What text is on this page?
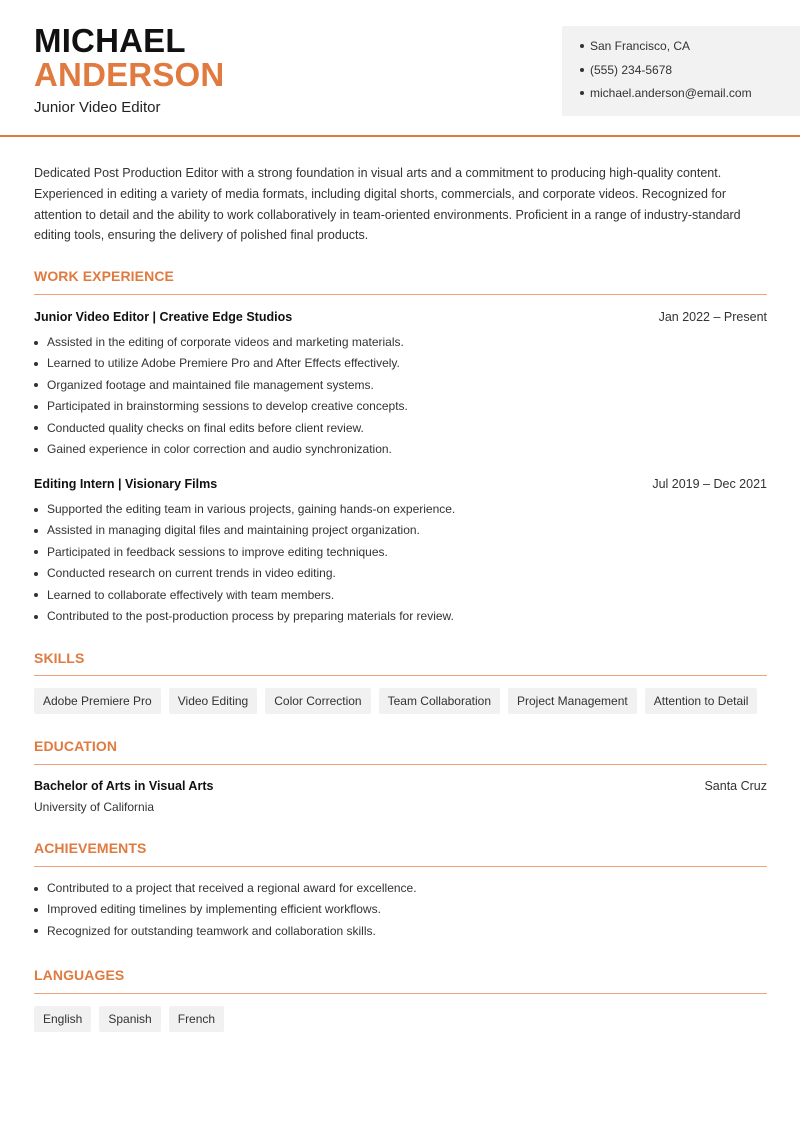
MICHAEL
ANDERSON
Junior Video Editor
San Francisco, CA
(555) 234-5678
michael.anderson@email.com

Dedicated Post Production Editor with a strong foundation in visual arts and a commitment to producing high-quality content. Experienced in editing a variety of media formats, including digital shorts, commercials, and corporate videos. Recognized for attention to detail and the ability to work collaboratively in team-oriented environments. Proficient in a range of industry-standard editing tools, ensuring the delivery of polished final products.

WORK EXPERIENCE
Junior Video Editor | Creative Edge Studios	Jan 2022 – Present
Assisted in the editing of corporate videos and marketing materials.
Learned to utilize Adobe Premiere Pro and After Effects effectively.
Organized footage and maintained file management systems.
Participated in brainstorming sessions to develop creative concepts.
Conducted quality checks on final edits before client review.
Gained experience in color correction and audio synchronization.
Editing Intern | Visionary Films	Jul 2019 – Dec 2021
Supported the editing team in various projects, gaining hands-on experience.
Assisted in managing digital files and maintaining project organization.
Participated in feedback sessions to improve editing techniques.
Conducted research on current trends in video editing.
Learned to collaborate effectively with team members.
Contributed to the post-production process by preparing materials for review.
SKILLS
Adobe Premiere Pro	Video Editing	Color Correction	Team Collaboration	Project Management	Attention to Detail
EDUCATION
Bachelor of Arts in Visual Arts	Santa Cruz
University of California
ACHIEVEMENTS
Contributed to a project that received a regional award for excellence.
Improved editing timelines by implementing efficient workflows.
Recognized for outstanding teamwork and collaboration skills.
LANGUAGES
English	Spanish	French
